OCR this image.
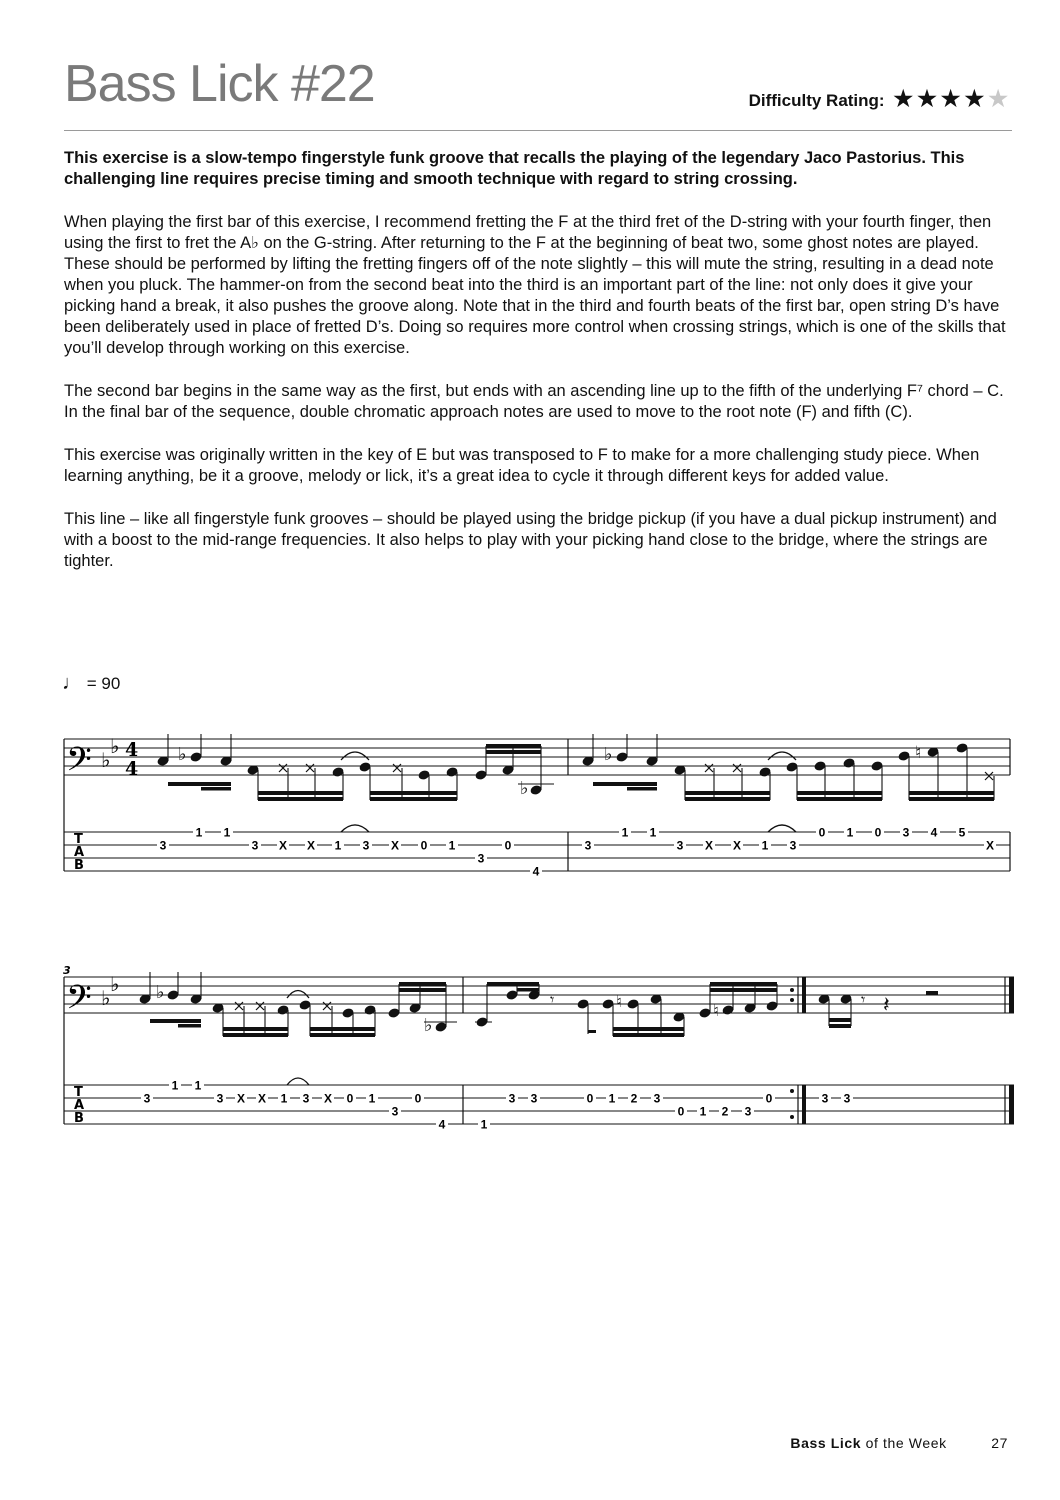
Bass Lick #22	Difficulty Rating: ★★★★★

This exercise is a slow-tempo fingerstyle funk groove that recalls the playing of the legendary Jaco Pastorius. This challenging line requires precise timing and smooth technique with regard to string crossing.

When playing the first bar of this exercise, I recommend fretting the F at the third fret of the D-string with your fourth finger, then using the first to fret the A♭ on the G-string. After returning to the F at the beginning of beat two, some ghost notes are played. These should be performed by lifting the fretting fingers off of the note slightly – this will mute the string, resulting in a dead note when you pluck. The hammer-on from the second beat into the third is an important part of the line: not only does it give your picking hand a break, it also pushes the groove along. Note that in the third and fourth beats of the first bar, open string D’s have been deliberately used in place of fretted D’s. Doing so requires more control when crossing strings, which is one of the skills that you’ll develop through working on this exercise.

The second bar begins in the same way as the first, but ends with an ascending line up to the fifth of the underlying F⁷ chord – C. In the final bar of the sequence, double chromatic approach notes are used to move to the root note (F) and fifth (C).

This exercise was originally written in the key of E but was transposed to F to make for a more challenging study piece. When learning anything, be it a groove, melody or lick, it’s a great idea to cycle it through different keys for added value.

This line – like all fingerstyle funk grooves – should be played using the bridge pickup (if you have a dual pickup instrument) and with a boost to the mid-range frequencies. It also helps to play with your picking hand close to the bridge, where the strings are tighter.

♩ = 90
𝄢 ♭
♭ 4
4
T
A
B
♭
♭
♭	♮
3
1 1
3 X X 1 3 X 0 1
3
0
4
3
1 1
3 X X 1 3
0 1 0 3 4 5
X
3
𝄢 ♭
♭
T
A
B
♭
♭
𝄾	♮	♮
𝄾 𝄽
3
1 1
3 X X 1 3 X 0 1
3
0
4	1
3 3	0 1 2 3
0 1 2 3
0	3 3
Bass Lick of the Week	27
